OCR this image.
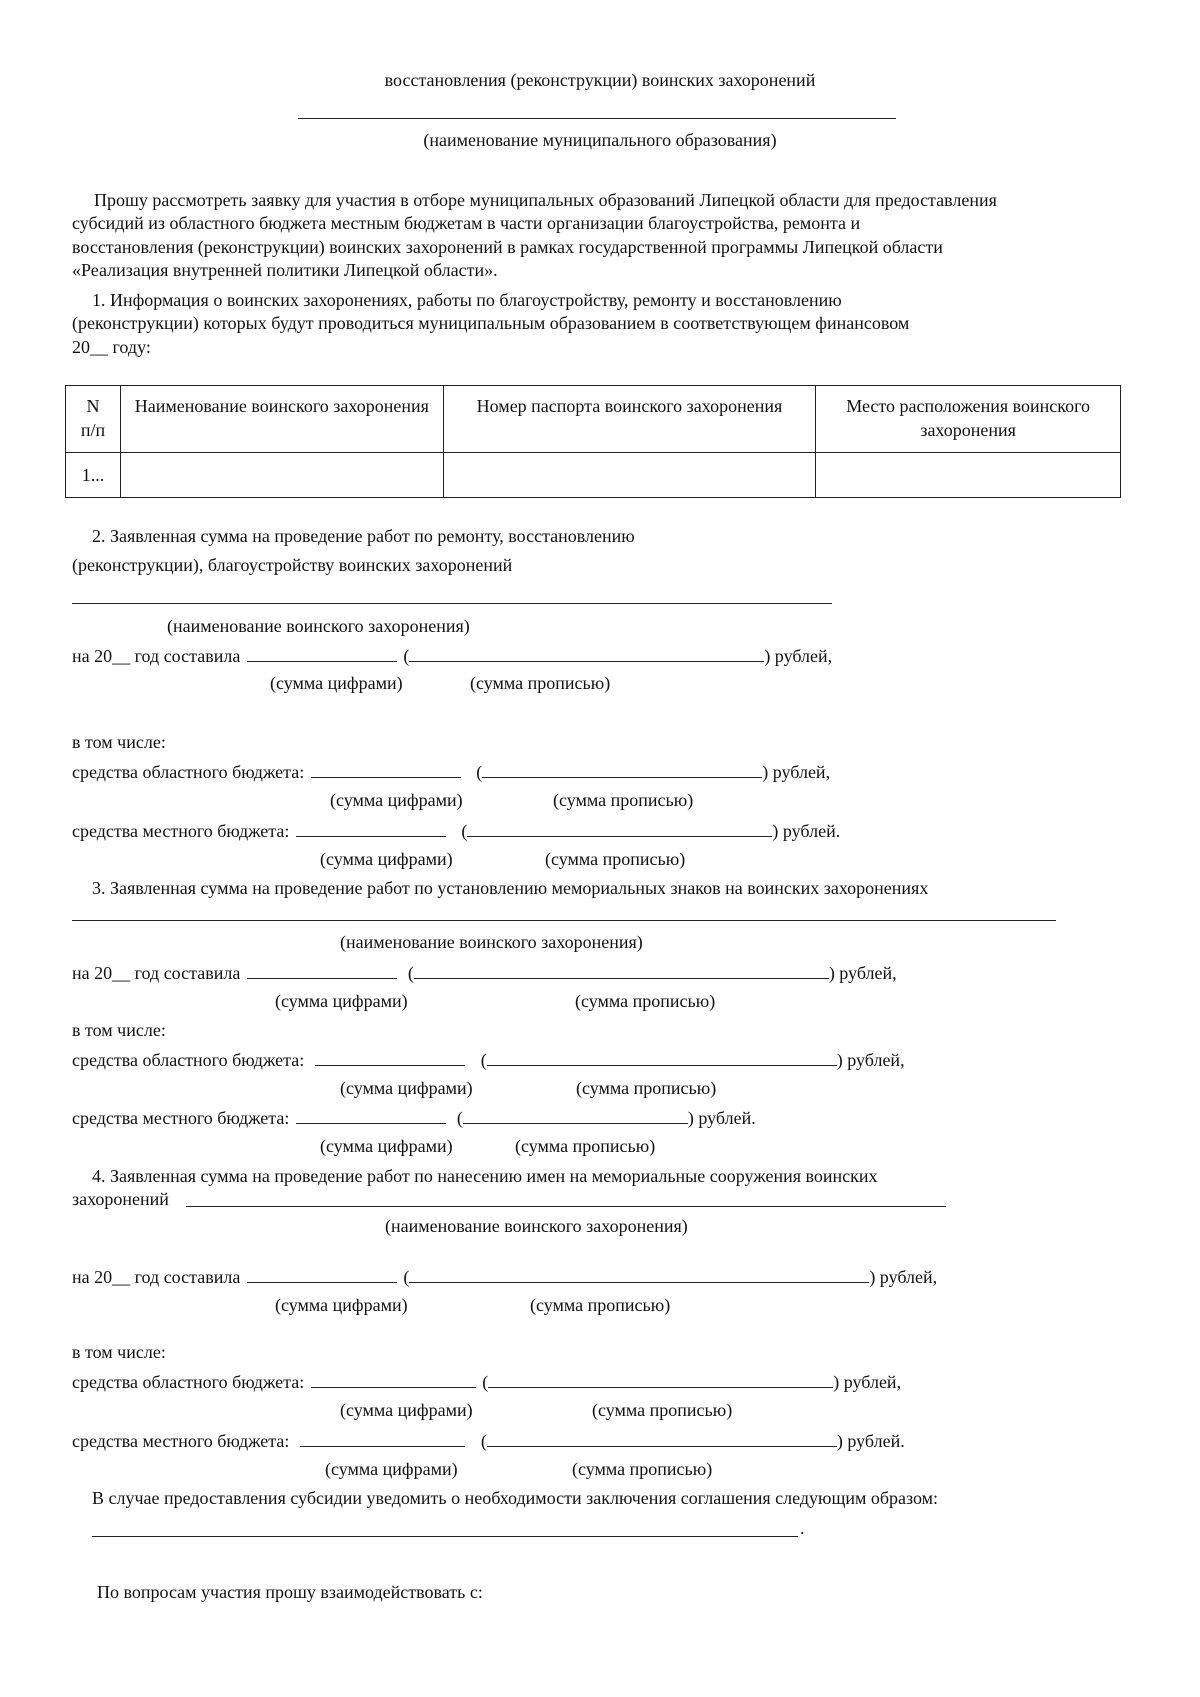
восстановления (реконструкции) воинских захоронений
(наименование муниципального образования)
Прошу рассмотреть заявку для участия в отборе муниципальных образований Липецкой области для предоставления
субсидий из областного бюджета местным бюджетам в части организации благоустройства, ремонта и
восстановления (реконструкции) воинских захоронений в рамках государственной программы Липецкой области
«Реализация внутренней политики Липецкой области».
1. Информация о воинских захоронениях, работы по благоустройству, ремонту и восстановлению
(реконструкции) которых будут проводиться муниципальным образованием в соответствующем финансовом
20__ году:
N
п/п	Наименование воинского захоронения	Номер паспорта воинского захоронения	Место расположения воинского захоронения
1...			
2. Заявленная сумма на проведение работ по ремонту, восстановлению
(реконструкции), благоустройству воинских захоронений
(наименование воинского захоронения)
на 20__ год составила	(	) рублей,
(сумма цифрами)	(сумма прописью)
в том числе:
средства областного бюджета:	(	) рублей,
(сумма цифрами)	(сумма прописью)
средства местного бюджета:	(	) рублей.
(сумма цифрами)	(сумма прописью)
3. Заявленная сумма на проведение работ по установлению мемориальных знаков на воинских захоронениях
(наименование воинского захоронения)
на 20__ год составила	(	) рублей,
(сумма цифрами)	(сумма прописью)
в том числе:
средства областного бюджета:	(	) рублей,
(сумма цифрами)	(сумма прописью)
средства местного бюджета:	(	) рублей.
(сумма цифрами)	(сумма прописью)
4. Заявленная сумма на проведение работ по нанесению имен на мемориальные сооружения воинских
захоронений
(наименование воинского захоронения)
на 20__ год составила	(	) рублей,
(сумма цифрами)	(сумма прописью)
в том числе:
средства областного бюджета:	(	) рублей,
(сумма цифрами)	(сумма прописью)
средства местного бюджета:	(	) рублей.
(сумма цифрами)	(сумма прописью)
В случае предоставления субсидии уведомить о необходимости заключения соглашения следующим образом:
.
По вопросам участия прошу взаимодействовать с:
